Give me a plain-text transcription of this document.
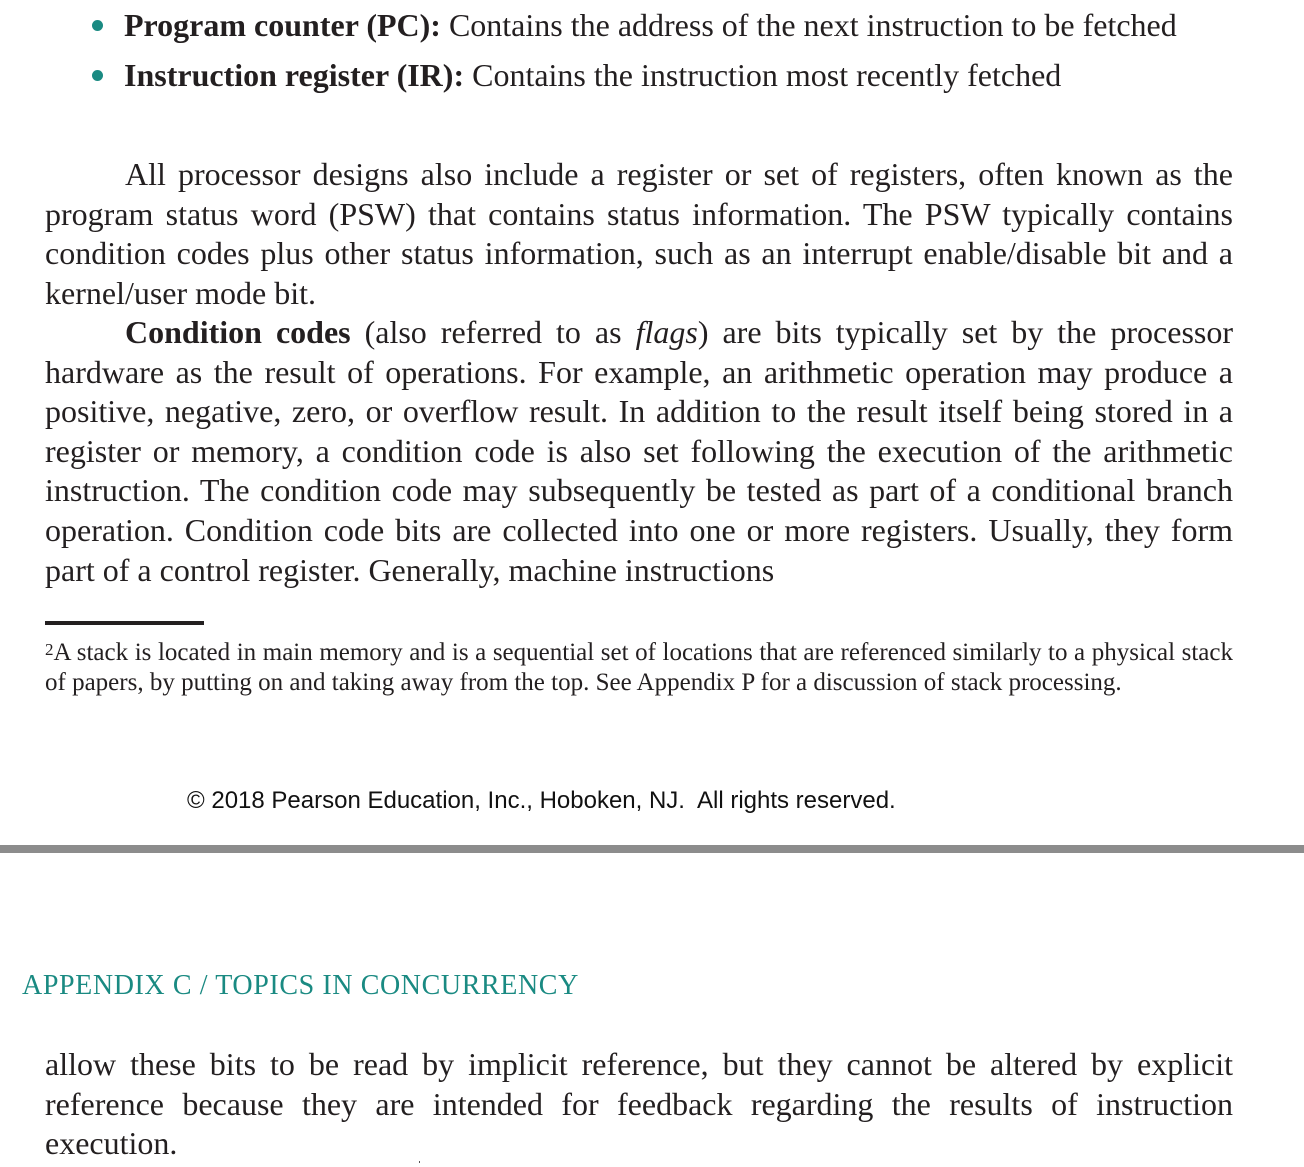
Program counter (PC): Contains the address of the next instruction to be fetched
Instruction register (IR): Contains the instruction most recently fetched

All processor designs also include a register or set of registers, often known as the program status word (PSW) that contains status information. The PSW typically contains condition codes plus other status information, such as an interrupt enable/disable bit and a kernel/user mode bit.

Condition codes (also referred to as flags) are bits typically set by the processor hardware as the result of operations. For example, an arithmetic operation may produce a positive, negative, zero, or overflow result. In addition to the result itself being stored in a register or memory, a condition code is also set following the execution of the arithmetic instruction. The condition code may subsequently be tested as part of a conditional branch operation. Condition code bits are collected into one or more registers. Usually, they form part of a control register. Generally, machine instructions

$^2$A stack is located in main memory and is a sequential set of locations that are referenced similarly to a physical stack of papers, by putting on and taking away from the top. See Appendix P for a discussion of stack processing.

© 2018 Pearson Education, Inc., Hoboken, NJ.  All rights reserved.
APPENDIX C / TOPICS IN CONCURRENCY

allow these bits to be read by implicit reference, but they cannot be altered by explicit reference because they are intended for feedback regarding the results of instruction execution.
